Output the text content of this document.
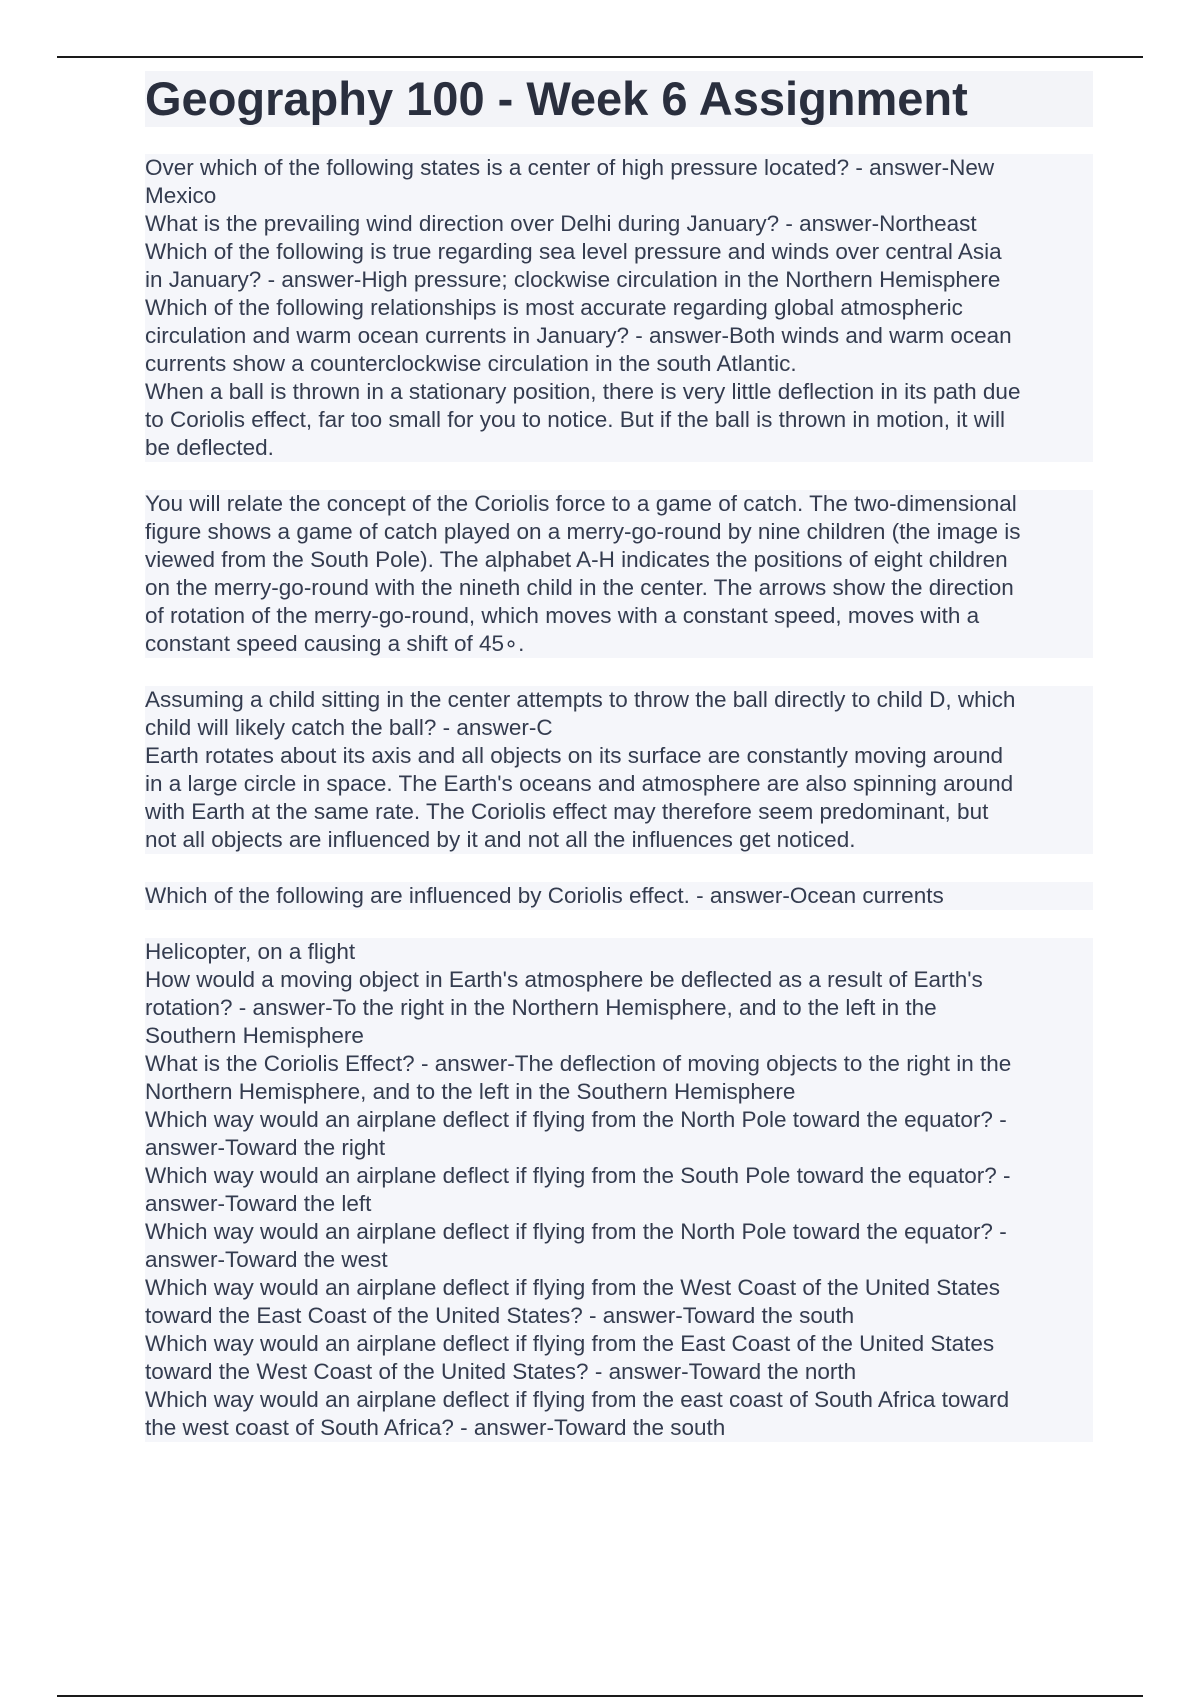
Geography 100 - Week 6 Assignment

Over which of the following states is a center of high pressure located? - answer-New

Mexico

What is the prevailing wind direction over Delhi during January? - answer-Northeast

Which of the following is true regarding sea level pressure and winds over central Asia

in January? - answer-High pressure; clockwise circulation in the Northern Hemisphere

Which of the following relationships is most accurate regarding global atmospheric

circulation and warm ocean currents in January? - answer-Both winds and warm ocean

currents show a counterclockwise circulation in the south Atlantic.

When a ball is thrown in a stationary position, there is very little deflection in its path due

to Coriolis effect, far too small for you to notice. But if the ball is thrown in motion, it will

be deflected.

You will relate the concept of the Coriolis force to a game of catch. The two-dimensional

figure shows a game of catch played on a merry-go-round by nine children (the image is

viewed from the South Pole). The alphabet A-H indicates the positions of eight children

on the merry-go-round with the nineth child in the center. The arrows show the direction

of rotation of the merry-go-round, which moves with a constant speed, moves with a

constant speed causing a shift of 45∘.

Assuming a child sitting in the center attempts to throw the ball directly to child D, which

child will likely catch the ball? - answer-C

Earth rotates about its axis and all objects on its surface are constantly moving around

in a large circle in space. The Earth's oceans and atmosphere are also spinning around

with Earth at the same rate. The Coriolis effect may therefore seem predominant, but

not all objects are influenced by it and not all the influences get noticed.

Which of the following are influenced by Coriolis effect. - answer-Ocean currents

Helicopter, on a flight

How would a moving object in Earth's atmosphere be deflected as a result of Earth's

rotation? - answer-To the right in the Northern Hemisphere, and to the left in the

Southern Hemisphere

What is the Coriolis Effect? - answer-The deflection of moving objects to the right in the

Northern Hemisphere, and to the left in the Southern Hemisphere

Which way would an airplane deflect if flying from the North Pole toward the equator? -

answer-Toward the right

Which way would an airplane deflect if flying from the South Pole toward the equator? -

answer-Toward the left

Which way would an airplane deflect if flying from the North Pole toward the equator? -

answer-Toward the west

Which way would an airplane deflect if flying from the West Coast of the United States

toward the East Coast of the United States? - answer-Toward the south

Which way would an airplane deflect if flying from the East Coast of the United States

toward the West Coast of the United States? - answer-Toward the north

Which way would an airplane deflect if flying from the east coast of South Africa toward

the west coast of South Africa? - answer-Toward the south
